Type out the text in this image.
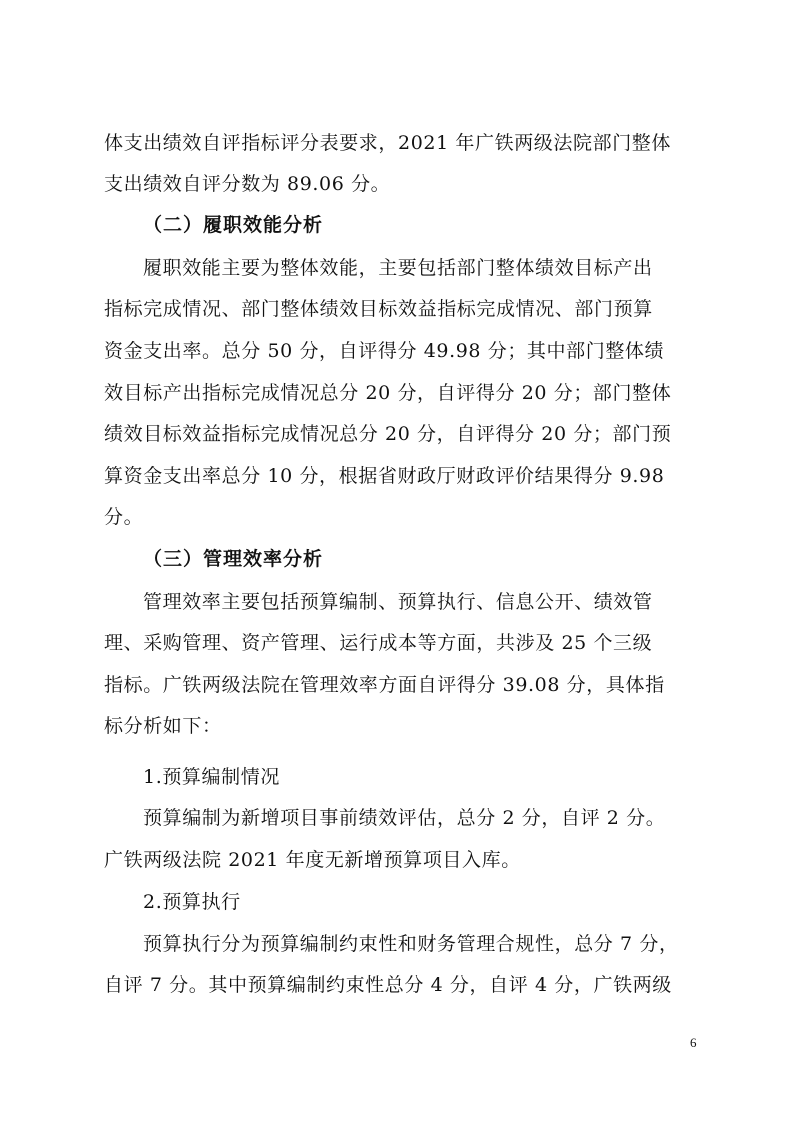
体支出绩效自评指标评分表要求，2021 年广铁两级法院部门整体
支出绩效自评分数为 89.06 分。
（二）履职效能分析
履职效能主要为整体效能，主要包括部门整体绩效目标产出
指标完成情况、部门整体绩效目标效益指标完成情况、部门预算
资金支出率。总分 50 分，自评得分 49.98 分；其中部门整体绩
效目标产出指标完成情况总分 20 分，自评得分 20 分；部门整体
绩效目标效益指标完成情况总分 20 分，自评得分 20 分；部门预
算资金支出率总分 10 分，根据省财政厅财政评价结果得分 9.98
分。
（三）管理效率分析
管理效率主要包括预算编制、预算执行、信息公开、绩效管
理、采购管理、资产管理、运行成本等方面，共涉及 25 个三级
指标。广铁两级法院在管理效率方面自评得分 39.08 分，具体指
标分析如下：
1.预算编制情况
预算编制为新增项目事前绩效评估，总分 2 分，自评 2 分。
广铁两级法院 2021 年度无新增预算项目入库。
2.预算执行
预算执行分为预算编制约束性和财务管理合规性，总分 7 分，
自评 7 分。其中预算编制约束性总分 4 分，自评 4 分，广铁两级
6
